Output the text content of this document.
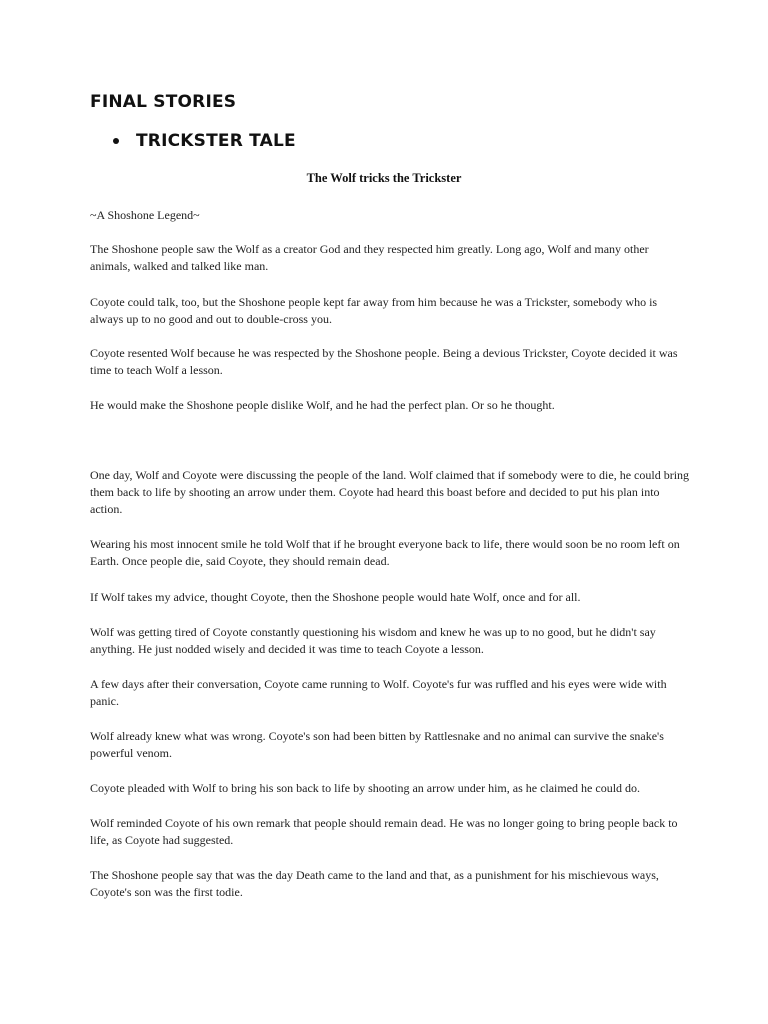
FINAL STORIES
TRICKSTER TALE
The Wolf tricks the Trickster

~A Shoshone Legend~

The Shoshone people saw the Wolf as a creator God and they respected him greatly. Long ago, Wolf and many other animals, walked and talked like man.

Coyote could talk, too, but the Shoshone people kept far away from him because he was a Trickster, somebody who is always up to no good and out to double-cross you.

Coyote resented Wolf because he was respected by the Shoshone people. Being a devious Trickster, Coyote decided it was time to teach Wolf a lesson.

He would make the Shoshone people dislike Wolf, and he had the perfect plan. Or so he thought.

One day, Wolf and Coyote were discussing the people of the land. Wolf claimed that if somebody were to die, he could bring them back to life by shooting an arrow under them. Coyote had heard this boast before and decided to put his plan into action.

Wearing his most innocent smile he told Wolf that if he brought everyone back to life, there would soon be no room left on Earth. Once people die, said Coyote, they should remain dead.

If Wolf takes my advice, thought Coyote, then the Shoshone people would hate Wolf, once and for all.

Wolf was getting tired of Coyote constantly questioning his wisdom and knew he was up to no good, but he didn't say anything. He just nodded wisely and decided it was time to teach Coyote a lesson.

A few days after their conversation, Coyote came running to Wolf. Coyote's fur was ruffled and his eyes were wide with panic.

Wolf already knew what was wrong. Coyote's son had been bitten by Rattlesnake and no animal can survive the snake's powerful venom.

Coyote pleaded with Wolf to bring his son back to life by shooting an arrow under him, as he claimed he could do.

Wolf reminded Coyote of his own remark that people should remain dead. He was no longer going to bring people back to life, as Coyote had suggested.

The Shoshone people say that was the day Death came to the land and that, as a punishment for his mischievous ways, Coyote's son was the first todie.
